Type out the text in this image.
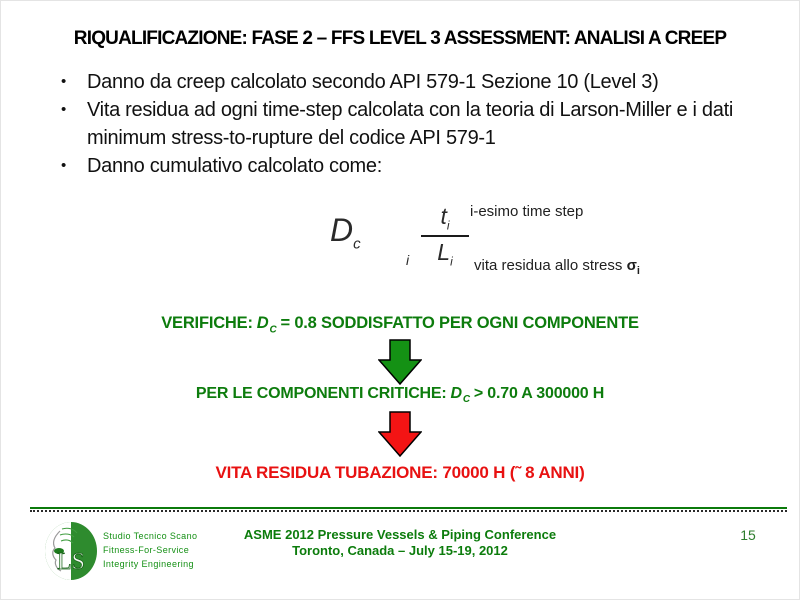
RIQUALIFICAZIONE: FASE 2 – FFS LEVEL 3 ASSESSMENT: ANALISI A CREEP
•	Danno da creep calcolato secondo API 579-1 Sezione 10 (Level 3)
•	Vita residua ad ogni time-step calcolata con la teoria di Larson-Miller e i dati minimum stress-to-rupture del codice API 579-1
•	Danno cumulativo calcolato come:
$D_c$
i $\frac{t_i}{L_i}$ i-esimo time step
vita residua allo stress $\sigma_i$
VERIFICHE: $D_C = 0.8$ SODDISFATTO PER OGNI COMPONENTE
PER LE COMPONENTI CRITICHE: $D_C > 0.70$ A 300000 H
VITA RESIDUA TUBAZIONE: 70000 H (˜ 8 ANNI)
LS
Studio Tecnico Scano
Fitness-For-Service
Integrity Engineering
ASME 2012 Pressure Vessels & Piping Conference
Toronto, Canada – July 15-19, 2012
15
